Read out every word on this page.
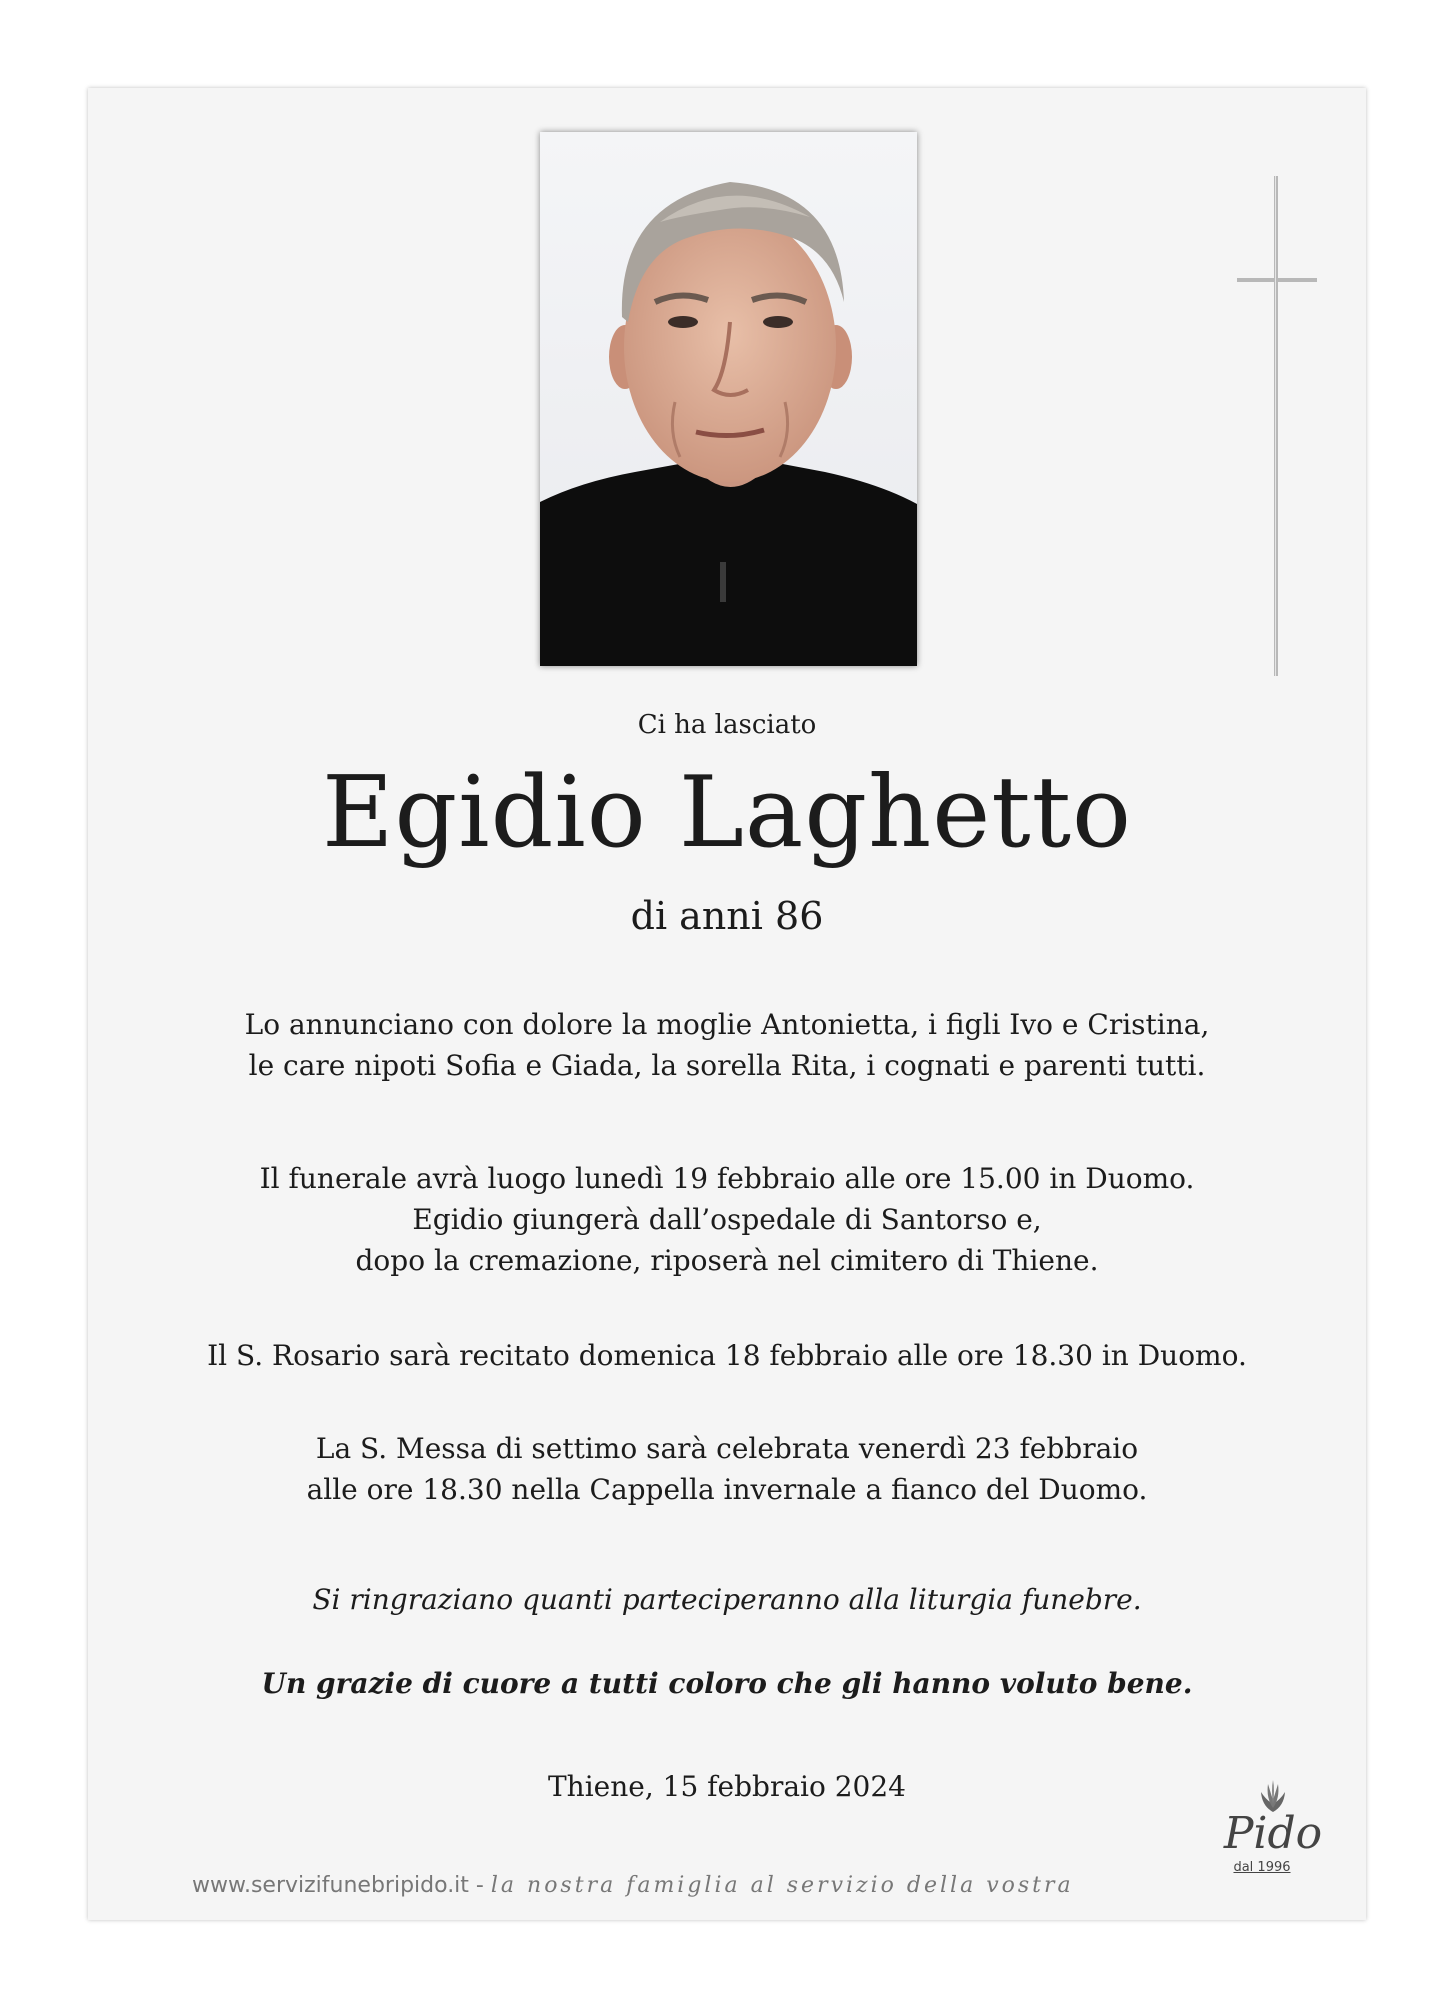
Ci ha lasciato
Egidio Laghetto
di anni 86
Lo annunciano con dolore la moglie Antonietta, i figli Ivo e Cristina,
le care nipoti Sofia e Giada, la sorella Rita, i cognati e parenti tutti.
Il funerale avrà luogo lunedì 19 febbraio alle ore 15.00 in Duomo.
Egidio giungerà dall’ospedale di Santorso e,
dopo la cremazione, riposerà nel cimitero di Thiene.
Il S. Rosario sarà recitato domenica 18 febbraio alle ore 18.30 in Duomo.
La S. Messa di settimo sarà celebrata venerdì 23 febbraio
alle ore 18.30 nella Cappella invernale a fianco del Duomo.
Si ringraziano quanti parteciperanno alla liturgia funebre.
Un grazie di cuore a tutti coloro che gli hanno voluto bene.
Thiene, 15 febbraio 2024
www.servizifunebripido.it - la nostra famiglia al servizio della vostra
Pido
dal 1996
